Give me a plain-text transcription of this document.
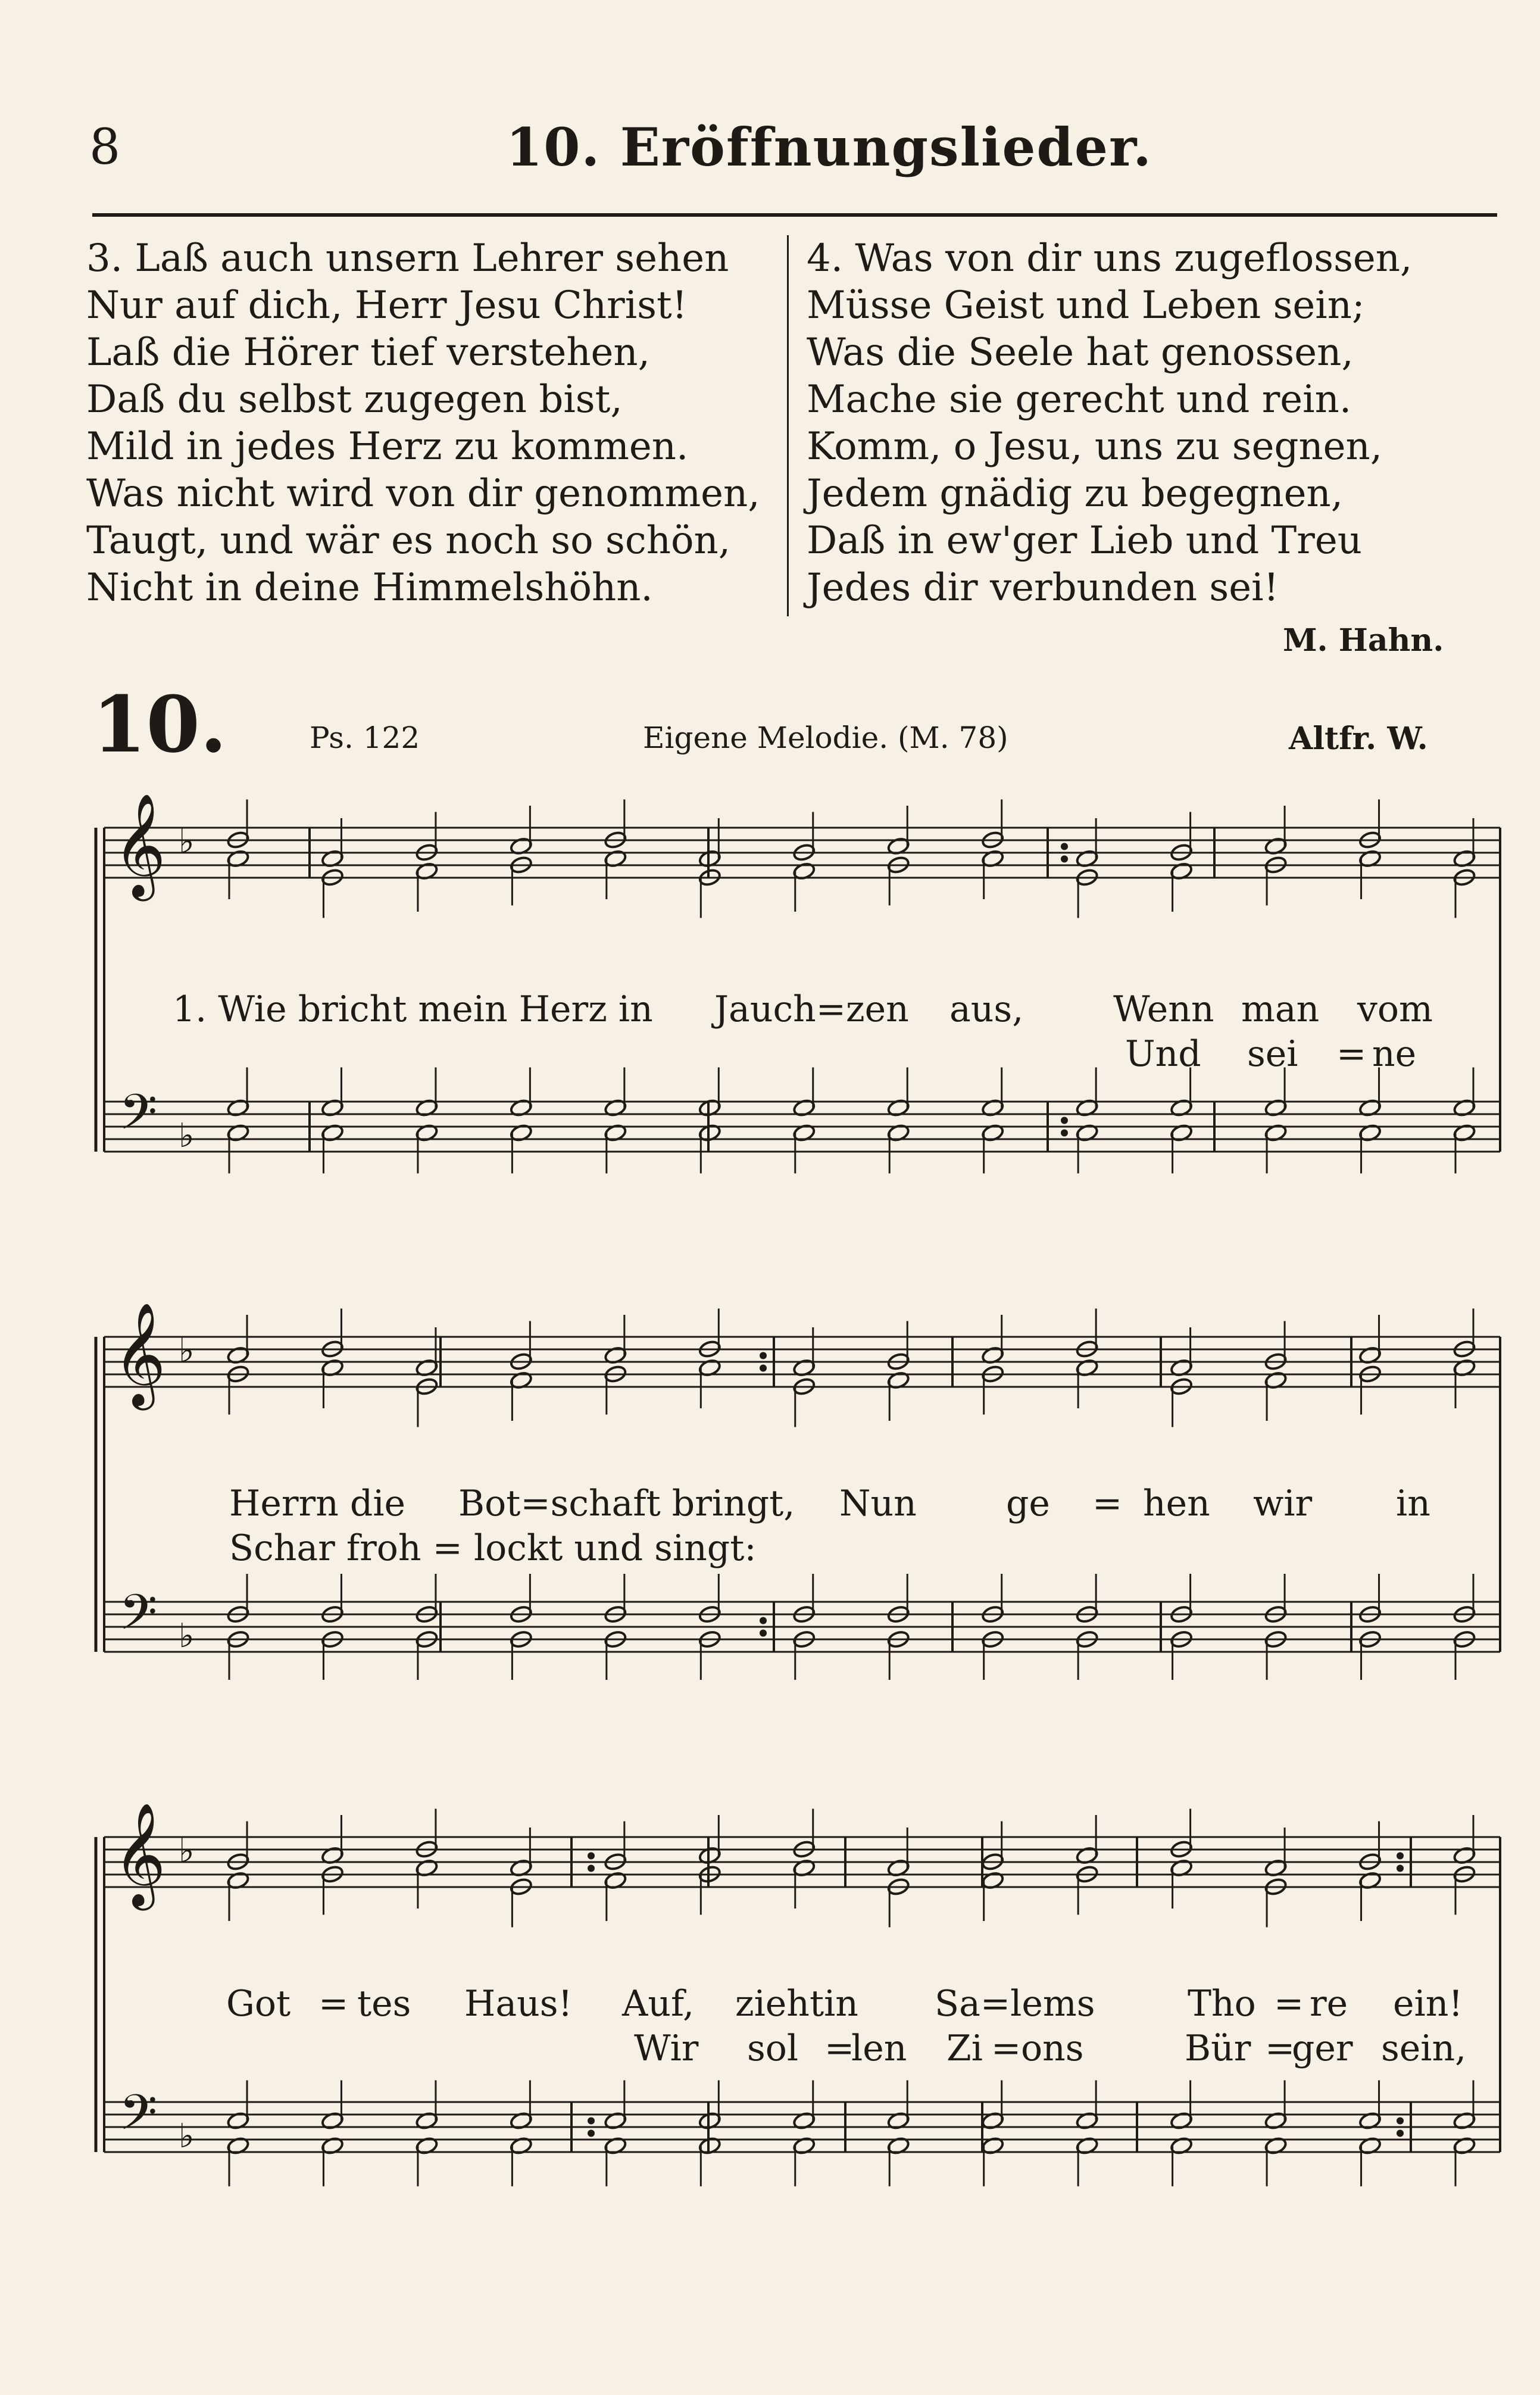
8	10. Eröffnungslieder.
3. Laß auch unsern Lehrer sehen
Nur auf dich, Herr Jesu Christ!
Laß die Hörer tief verstehen,
Daß du selbst zugegen bist,
Mild in jedes Herz zu kommen.
Was nicht wird von dir genommen,
Taugt, und wär es noch so schön,
Nicht in deine Himmelshöhn.
4. Was von dir uns zugeflossen,
Müsse Geist und Leben sein;
Was die Seele hat genossen,
Mache sie gerecht und rein.
Komm, o Jesu, uns zu segnen,
Jedem gnädig zu begegnen,
Daß in ew'ger Lieb und Treu
Jedes dir verbunden sei!
M. Hahn.
10.	Ps. 122	Eigene Melodie. (M. 78)	Altfr. W.
𝄞
𝄢
♭
♭
𝄞
𝄢
♭
♭
𝄞
𝄢
♭
♭
1. Wie bricht mein Herz in Jauch=zen aus,	Wenn man vom
Und sei = ne
Herrn die Bot=schaft bringt, Nun	ge = hen wir in
Schar froh = lockt und singt:
Got = tes Haus! Auf, ziehtin Sa=lems	Tho = re ein!
Wir sol =
len Zi = ons	Bür =
ger sein,
